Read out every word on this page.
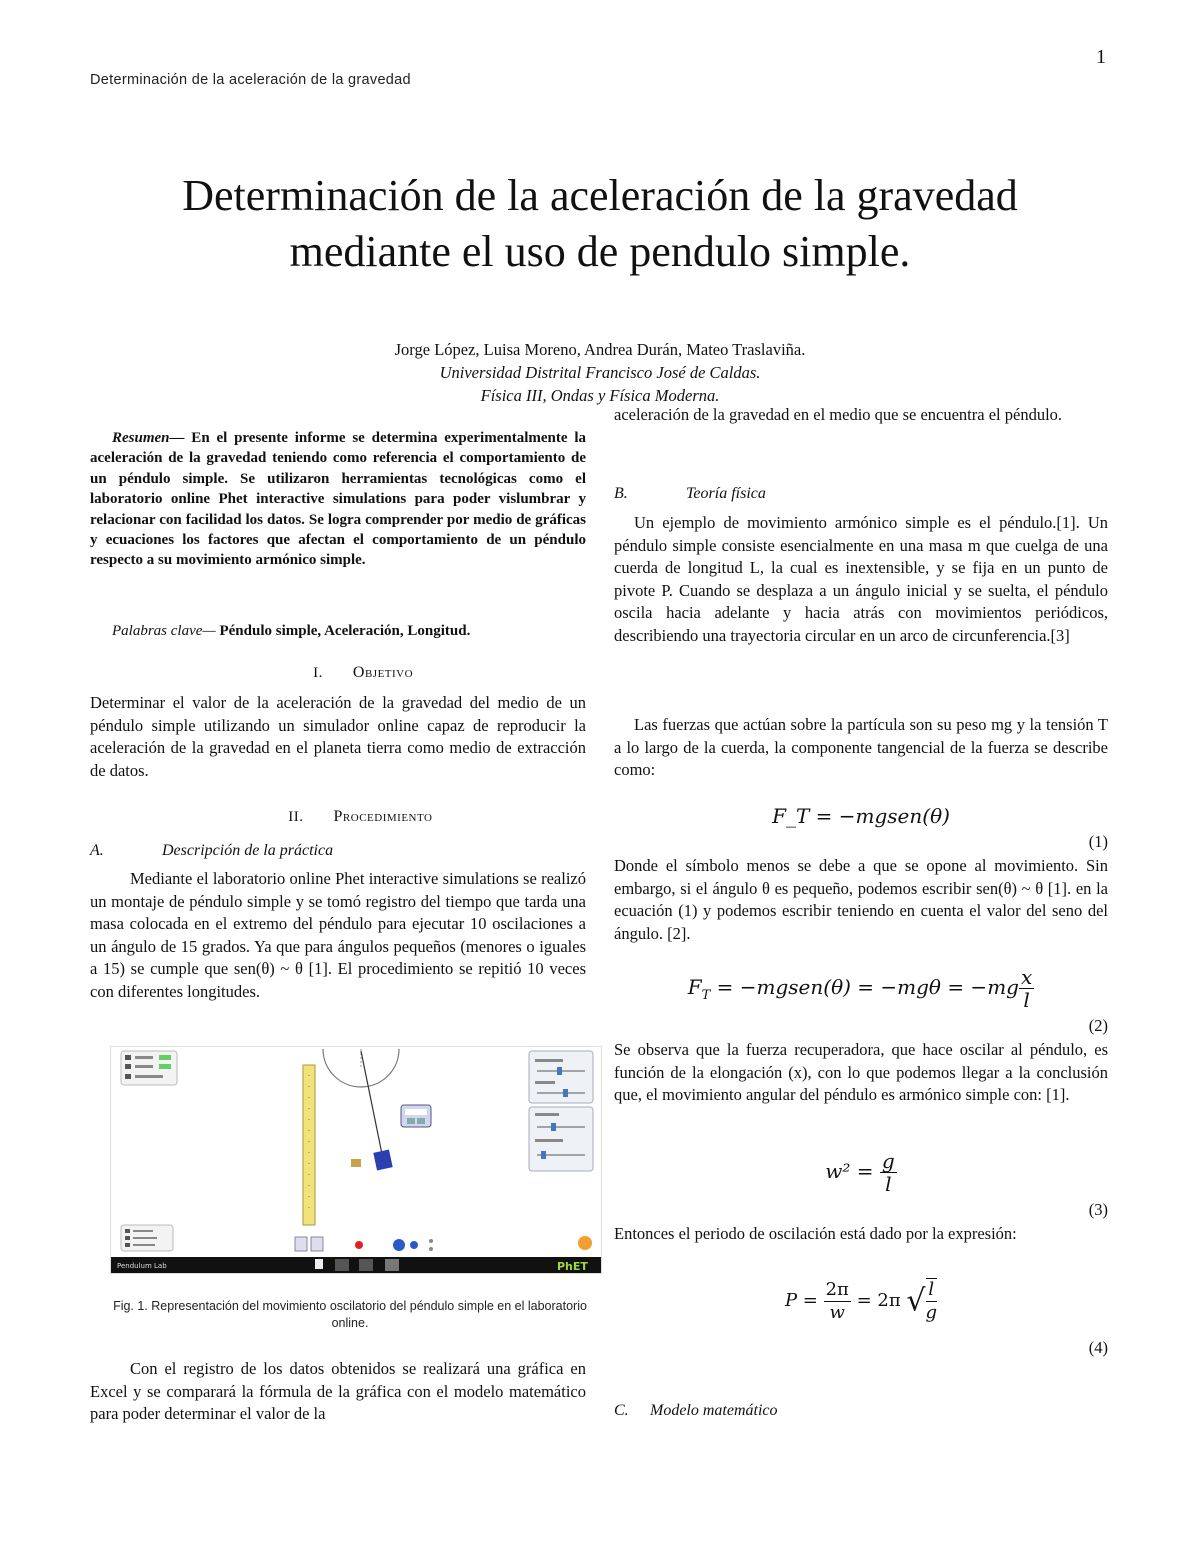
1
Determinación de la aceleración de la gravedad
Determinación de la aceleración de la gravedad
mediante el uso de pendulo simple.
Jorge López, Luisa Moreno, Andrea Durán, Mateo Traslaviña.
Universidad Distrital Francisco José de Caldas.
Física III, Ondas y Física Moderna.
Resumen— En el presente informe se determina experimentalmente la aceleración de la gravedad teniendo como referencia el comportamiento de un péndulo simple. Se utilizaron herramientas tecnológicas como el laboratorio online Phet interactive simulations para poder vislumbrar y relacionar con facilidad los datos. Se logra comprender por medio de gráficas y ecuaciones los factores que afectan el comportamiento de un péndulo respecto a su movimiento armónico simple.
Palabras clave— Péndulo simple, Aceleración, Longitud.
I. Objetivo
Determinar el valor de la aceleración de la gravedad del medio de un péndulo simple utilizando un simulador online capaz de reproducir la aceleración de la gravedad en el planeta tierra como medio de extracción de datos.
II. Procedimiento
A.	Descripción de la práctica
Mediante el laboratorio online Phet interactive simulations se realizó un montaje de péndulo simple y se tomó registro del tiempo que tarda una masa colocada en el extremo del péndulo para ejecutar 10 oscilaciones a un ángulo de 15 grados. Ya que para ángulos pequeños (menores o iguales a 15) se cumple que sen(θ) ~ θ [1]. El procedimiento se repitió 10 veces con diferentes longitudes.
Pendulum Lab	PhET
Fig. 1. Representación del movimiento oscilatorio del péndulo simple en el laboratorio online.
Con el registro de los datos obtenidos se realizará una gráfica en Excel y se comparará la fórmula de la gráfica con el modelo matemático para poder determinar el valor de la
aceleración de la gravedad en el medio que se encuentra el péndulo.
B.	Teoría física
Un ejemplo de movimiento armónico simple es el péndulo.[1]. Un péndulo simple consiste esencialmente en una masa m que cuelga de una cuerda de longitud L, la cual es inextensible, y se fija en un punto de pivote P. Cuando se desplaza a un ángulo inicial y se suelta, el péndulo oscila hacia adelante y hacia atrás con movimientos periódicos, describiendo una trayectoria circular en un arco de circunferencia.[3]
Las fuerzas que actúan sobre la partícula son su peso mg y la tensión T a lo largo de la cuerda, la componente tangencial de la fuerza se describe como:
F_T = −mgsen(θ)
(1)
Donde el símbolo menos se debe a que se opone al movimiento. Sin embargo, si el ángulo θ es pequeño, podemos escribir sen(θ) ~ θ [1]. en la ecuación (1) y podemos escribir teniendo en cuenta el valor del seno del ángulo. [2].
$F_T$ = −mgsen(θ) = $-mg\theta = -mg \frac{x}{l}$
(2)
Se observa que la fuerza recuperadora, que hace oscilar al péndulo, es función de la elongación (x), con lo que podemos llegar a la conclusión que, el movimiento angular del péndulo es armónico simple con: [1].
$w^2 = \frac{g}{l}$
(3)
Entonces el periodo de oscilación está dado por la expresión:
$P = \frac{2\pi}{w} = 2\pi$ √ $\frac{l}{g}$
(4)
C. Modelo matemático
